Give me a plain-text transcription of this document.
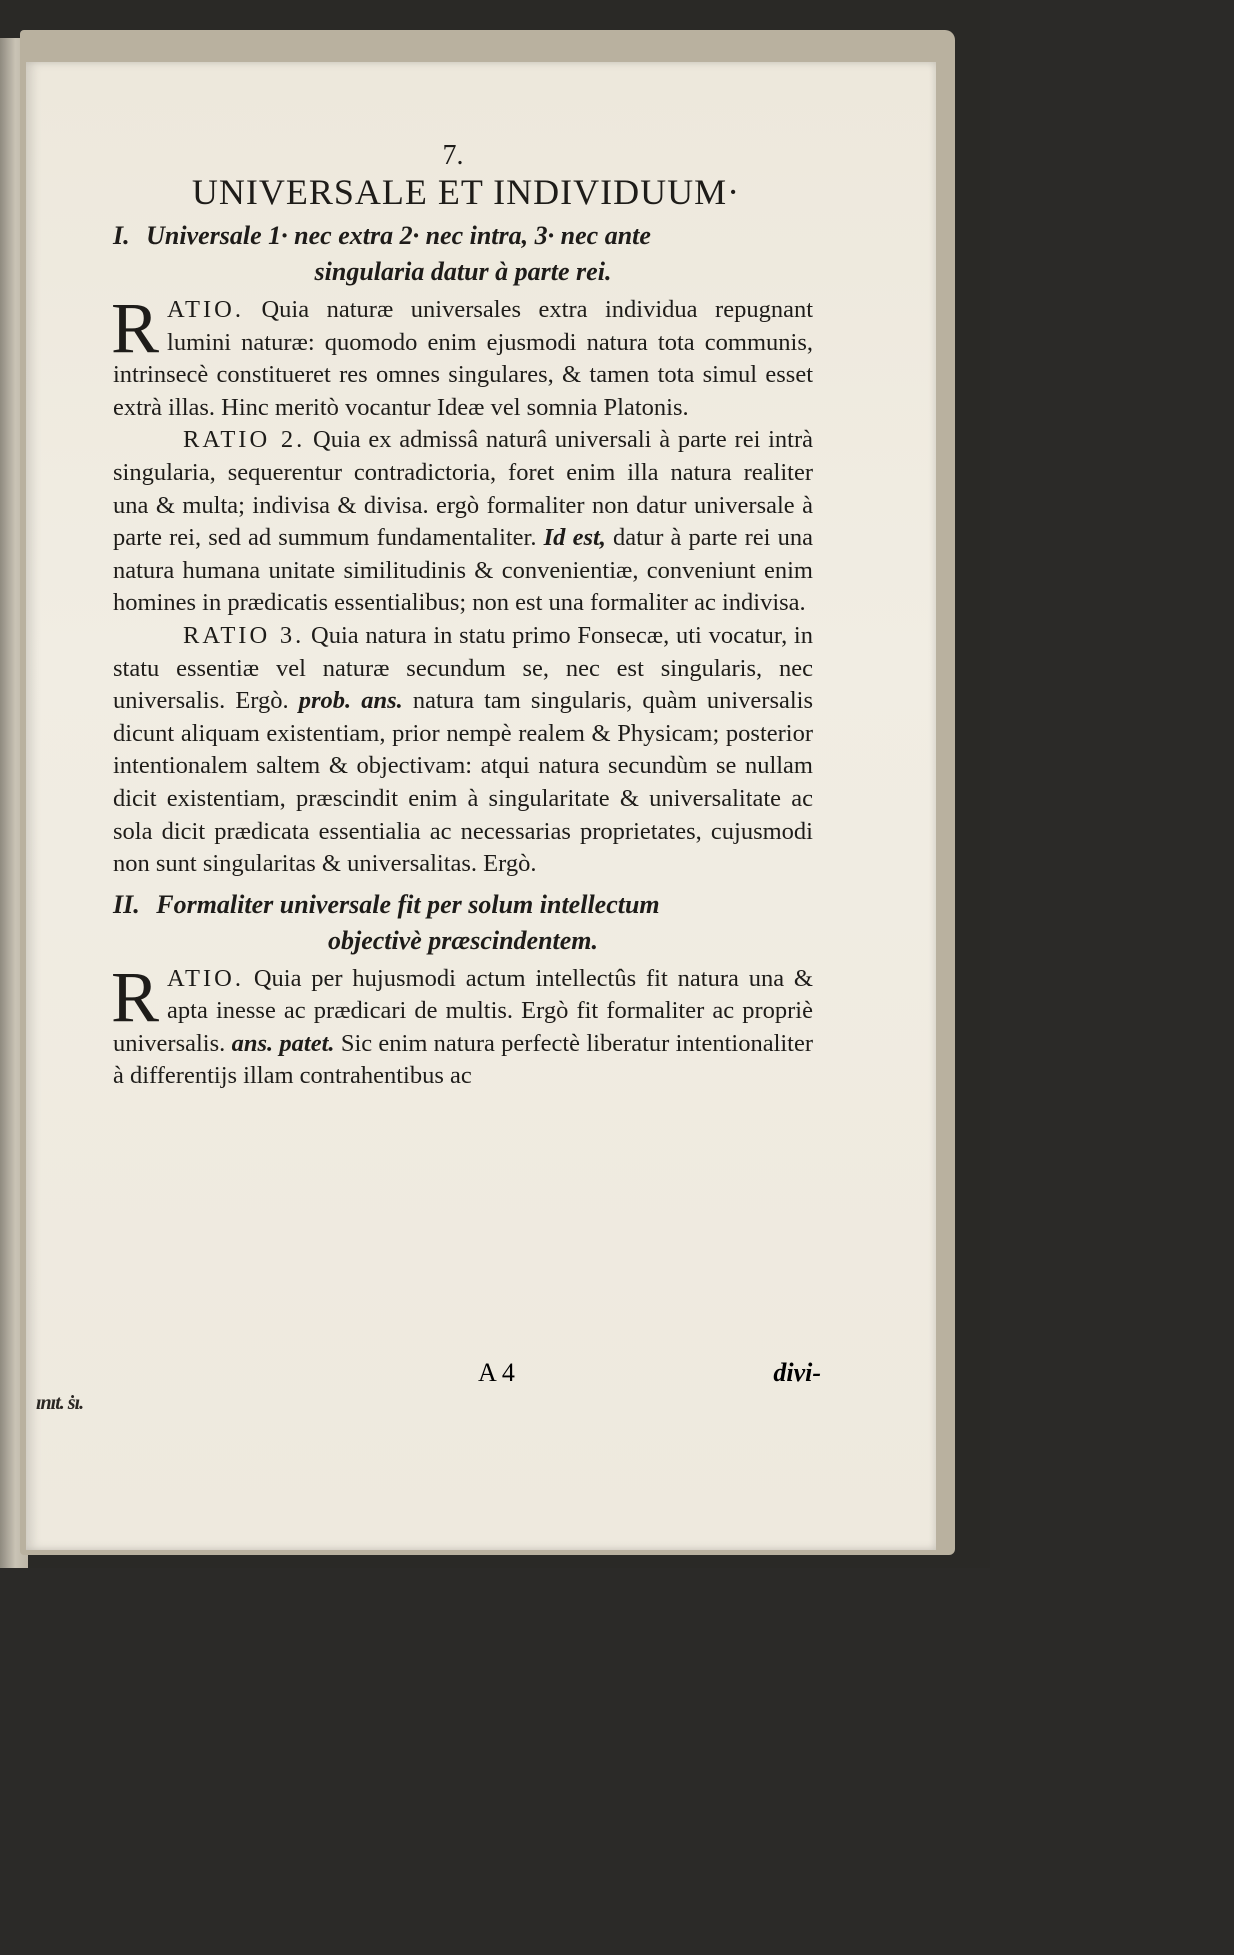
7.
UNIVERSALE ET INDIVIDUUM·
I. Universale 1· nec extra 2· nec intra, 3· nec ante
singularia datur à parte rei.

R ATIO. Quia naturæ universales extra individua repugnant lumini naturæ: quomodo enim ejusmodi natura tota communis, intrinsecè constitueret res omnes singulares, & tamen tota simul esset extrà illas. Hinc meritò vocantur Ideæ vel somnia Platonis.

RATIO 2. Quia ex admissâ naturâ universali à parte rei intrà singularia, sequerentur contradictoria, foret enim illa natura realiter una & multa; indivisa & divisa. ergò formaliter non datur universale à parte rei, sed ad summum fundamentaliter. Id est, datur à parte rei una natura humana unitate similitudinis & convenientiæ, conveniunt enim homines in prædicatis essentialibus; non est una formaliter ac indivisa.

RATIO 3. Quia natura in statu primo Fonsecæ, uti vocatur, in statu essentiæ vel naturæ secundum se, nec est singularis, nec universalis. Ergò. prob. ans. natura tam singularis, quàm universalis dicunt aliquam existentiam, prior nempè realem & Physicam; posterior intentionalem saltem & objectivam: atqui natura secundùm se nullam dicit existentiam, præscindit enim à singularitate & universalitate ac sola dicit prædicata essentialia ac necessarias proprietates, cujusmodi non sunt singularitas & universalitas. Ergò.

II. Formaliter universale fit per solum intellectum
objectivè præscindentem.

R ATIO. Quia per hujusmodi actum intellectûs fit natura una & apta inesse ac prædicari de multis. Ergò fit formaliter ac propriè universalis. ans. patet. Sic enim natura perfectè liberatur intentionaliter à differentijs illam contrahentibus ac

A 4	divi-
ınıt. ṡı.
